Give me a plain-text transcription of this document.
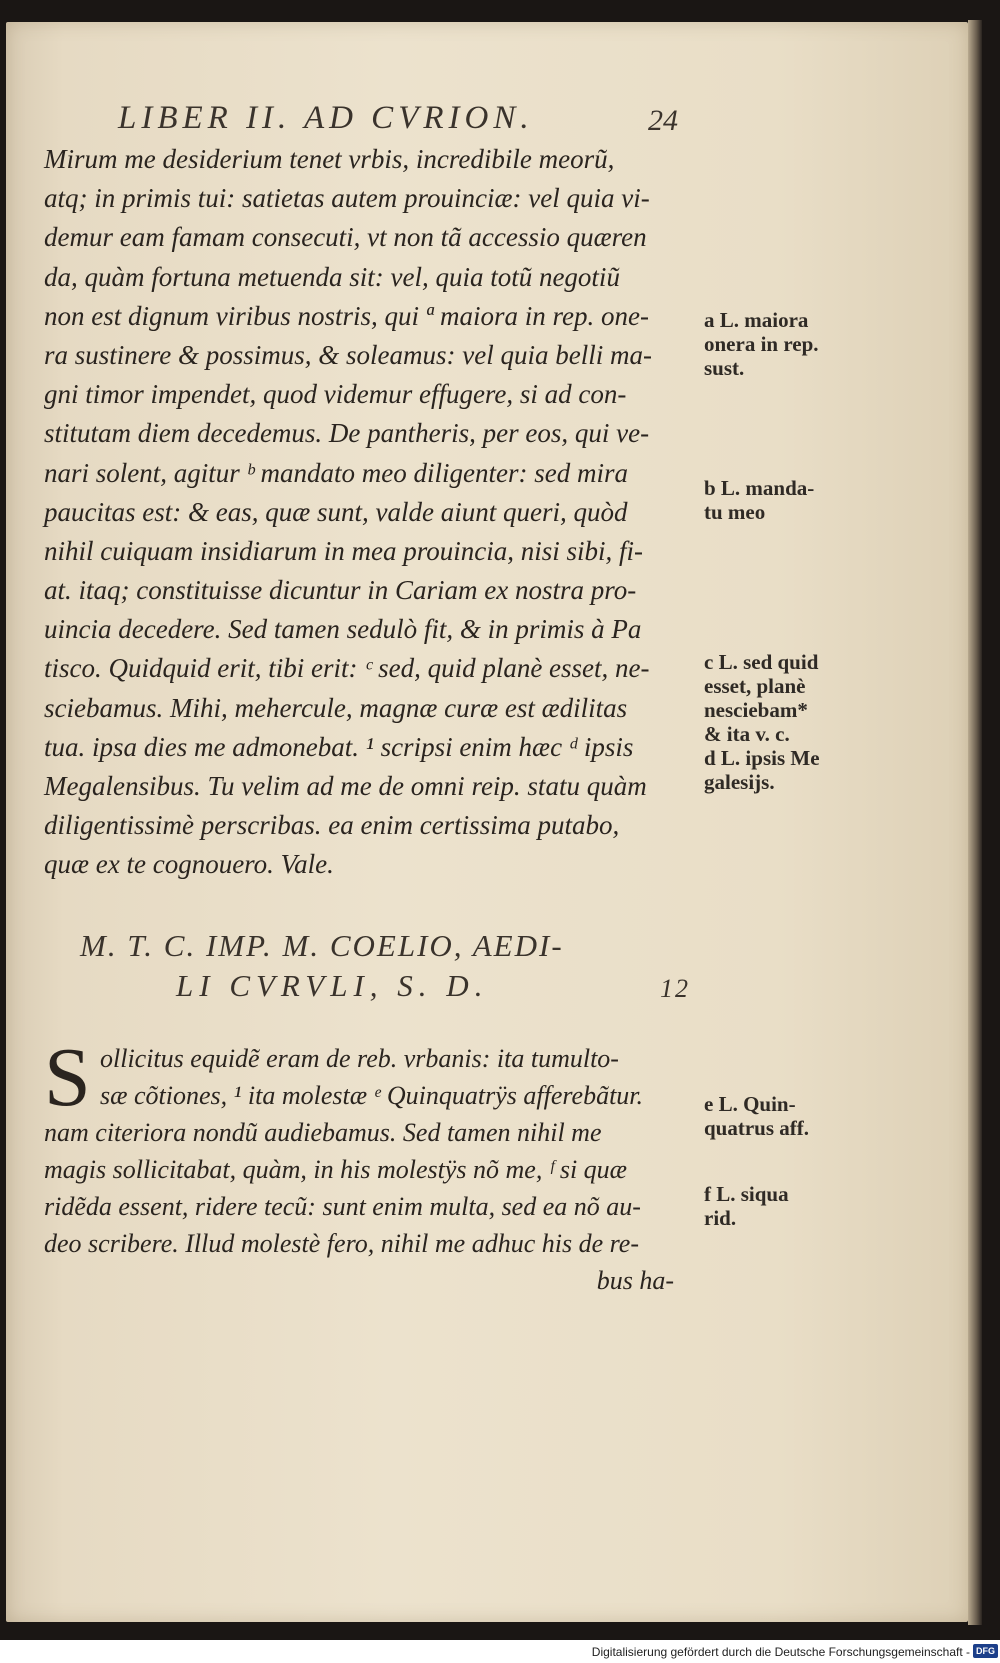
LIBER II. AD CVRION.	24
Mirum me desiderium tenet vrbis, incredibile meorũ,
atq; in primis tui: satietas autem prouinciæ: vel quia vi-
demur eam famam consecuti, vt non tã accessio quæren
da, quàm fortuna metuenda sit: vel, quia totũ negotiũ
non est dignum viribus nostris, qui ª maiora in rep. one-
ra sustinere & possimus, & soleamus: vel quia belli ma-
gni timor impendet, quod videmur effugere, si ad con-
stitutam diem decedemus. De pantheris, per eos, qui ve-
nari solent, agitur ᵇ mandato meo diligenter: sed mira
paucitas est: & eas, quæ sunt, valde aiunt queri, quòd
nihil cuiquam insidiarum in mea prouincia, nisi sibi, fi-
at. itaq; constituisse dicuntur in Cariam ex nostra pro-
uincia decedere. Sed tamen sedulò fit, & in primis à Pa
tisco. Quidquid erit, tibi erit: ᶜ sed, quid planè esset, ne-
sciebamus. Mihi, mehercule, magnæ curæ est ædilitas
tua. ipsa dies me admonebat. ¹ scripsi enim hæc ᵈ ipsis
Megalensibus. Tu velim ad me de omni reip. statu quàm
diligentissimè perscribas. ea enim certissima putabo,
quæ ex te cognouero. Vale.
M. T. C. IMP. M. COELIO, AEDI-
LI CVRVLI, S. D.	12
S ollicitus equidẽ eram de reb. vrbanis: ita tumulto-
sæ cõtiones, ¹ ita molestæ ᵉ Quinquatrÿs afferebãtur.
nam citeriora nondũ audiebamus. Sed tamen nihil me
magis sollicitabat, quàm, in his molestÿs nõ me, ᶠ si quæ
ridẽda essent, ridere tecũ: sunt enim multa, sed ea nõ au-
deo scribere. Illud molestè fero, nihil me adhuc his de re-
bus ha-
a L. maiora
onera in rep.
sust.
b L. manda-
tu meo
c L. sed quid
esset, planè
nesciebam*
& ita v. c.
d L. ipsis Me
galesijs.
e L. Quin-
quatrus aff.
f L. siqua
rid.
Digitalisierung gefördert durch die Deutsche Forschungsgemeinschaft - DFG
